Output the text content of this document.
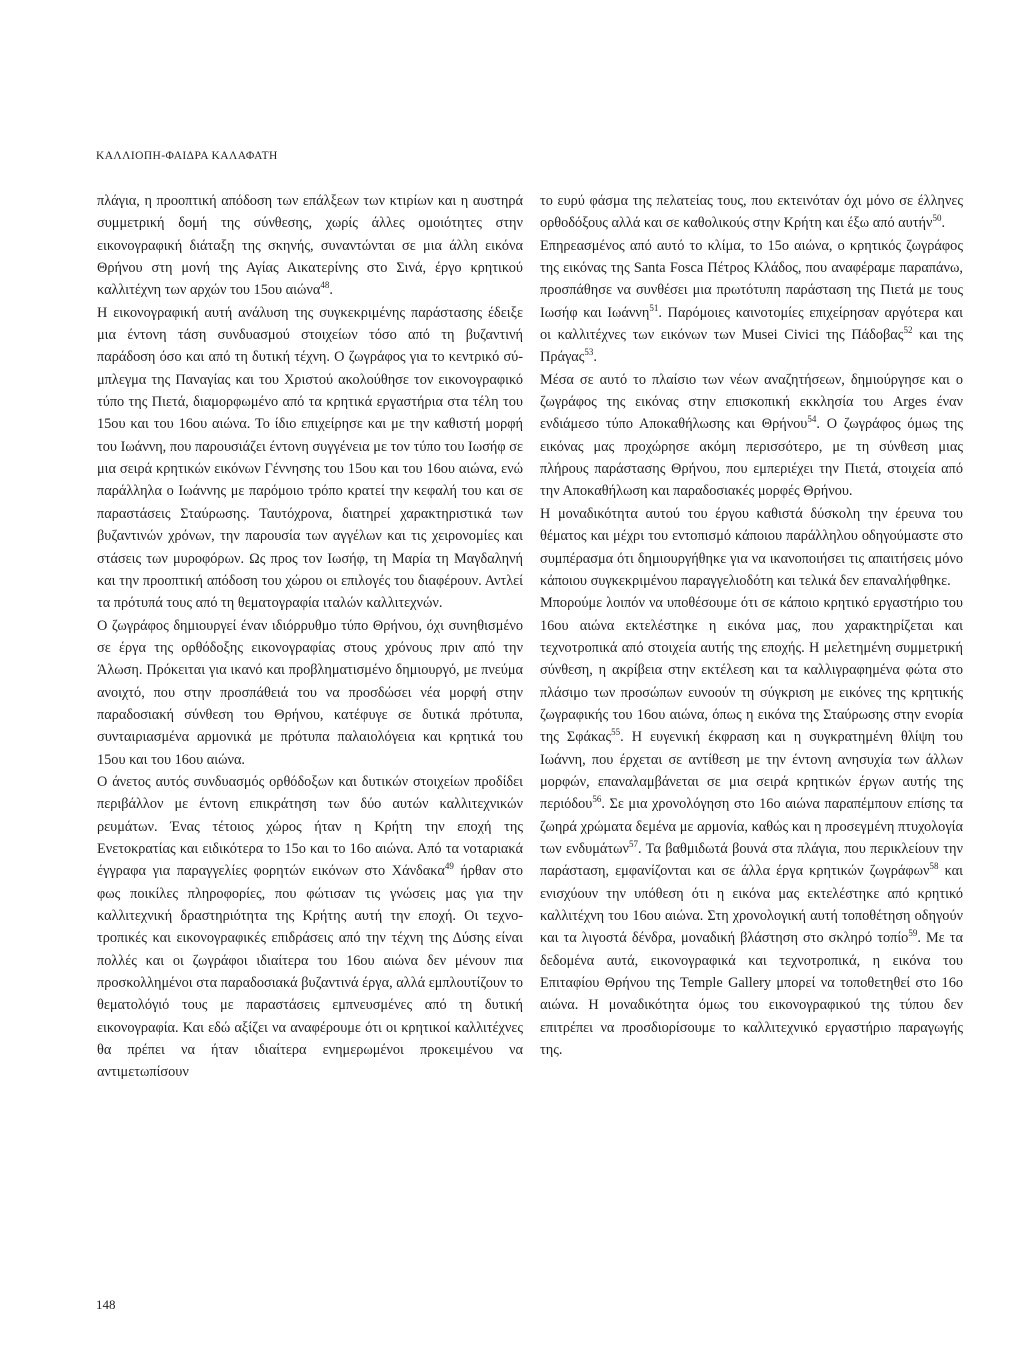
ΚΑΛΛΙΟΠΗ-ΦΑΙΔΡΑ ΚΑΛΑΦΑΤΗ

πλάγια, η προοπτική απόδοση των επάλξεων των κτιρίων και η αυστηρά συμμετρική δομή της σύνθεσης, χωρίς άλλες ομοιότητες στην εικονογραφική διάταξη της σκηνής, συναντώνται σε μια άλλη εικόνα Θρήνου στη μονή της Αγίας Αικατερίνης στο Σινά, έργο κρητικού καλλιτέχνη των αρχών του 15ου αιώνα$^{48}$.

Η εικονογραφική αυτή ανάλυση της συγκεκριμένης παράστασης έδειξε μια έντονη τάση συνδυασμού στοιχείων τόσο από τη βυζαντινή παράδοση όσο και από τη δυτική τέχνη. Ο ζωγράφος για το κεντρικό σύμπλεγμα της Παναγίας και του Χριστού ακολούθησε τον εικονογραφικό τύπο της Πιετά, διαμορφωμένο από τα κρητικά εργαστήρια στα τέλη του 15ου και του 16ου αιώνα. Το ίδιο επιχείρησε και με την καθιστή μορφή του Ιωάννη, που παρουσιάζει έντονη συγγένεια με τον τύπο του Ιωσήφ σε μια σειρά κρητικών εικόνων Γέννησης του 15ου και του 16ου αιώνα, ενώ παράλληλα ο Ιωάννης με παρόμοιο τρόπο κρατεί την κεφαλή του και σε παραστάσεις Σταύρωσης. Ταυτόχρονα, διατηρεί χαρακτηριστικά των βυζαντινών χρόνων, την παρουσία των αγγέλων και τις χειρονομίες και στάσεις των μυροφόρων. Ως προς τον Ιωσήφ, τη Μαρία τη Μαγδαληνή και την προοπτική απόδοση του χώρου οι επιλογές του διαφέρουν. Αντλεί τα πρότυπά τους από τη θεματογραφία ιταλών καλλιτεχνών.

Ο ζωγράφος δημιουργεί έναν ιδιόρρυθμο τύπο Θρήνου, όχι συνηθισμένο σε έργα της ορθόδοξης εικονογραφίας στους χρόνους πριν από την Άλωση. Πρόκειται για ικανό και προβληματισμένο δημιουργό, με πνεύμα ανοιχτό, που στην προσπάθειά του να προσδώσει νέα μορφή στην παραδοσιακή σύνθεση του Θρήνου, κατέφυγε σε δυτικά πρότυπα, συνταιριασμένα αρμονικά με πρότυπα παλαιολόγεια και κρητικά του 15ου και του 16ου αιώνα.

Ο άνετος αυτός συνδυασμός ορθόδοξων και δυτικών στοιχείων προδίδει περιβάλλον με έντονη επικράτηση των δύο αυτών καλλιτεχνικών ρευμάτων. Ένας τέτοιος χώρος ήταν η Κρήτη την εποχή της Ενετοκρατίας και ειδικότερα το 15ο και το 16ο αιώνα. Από τα νοταριακά έγγραφα για παραγγελίες φορητών εικόνων στο Χάνδακα$^{49}$ ήρθαν στο φως ποικίλες πληροφορίες, που φώτισαν τις γνώσεις μας για την καλλιτεχνική δραστηριότητα της Κρήτης αυτή την εποχή. Οι τεχνοτροπικές και εικονογραφικές επιδράσεις από την τέχνη της Δύσης είναι πολλές και οι ζωγράφοι ιδιαίτερα του 16ου αιώνα δεν μένουν πια προσκολλημένοι στα παραδοσιακά βυζαντινά έργα, αλλά εμπλουτίζουν το θεματολόγιό τους με παραστάσεις εμπνευσμένες από τη δυτική εικονογραφία. Και εδώ αξίζει να αναφέρουμε ότι οι κρητικοί καλλιτέχνες θα πρέπει να ήταν ιδιαίτερα ενημερωμένοι προκειμένου να αντιμετωπίσουν

το ευρύ φάσμα της πελατείας τους, που εκτεινόταν όχι μόνο σε έλληνες ορθοδόξους αλλά και σε καθολικούς στην Κρήτη και έξω από αυτήν$^{50}$.

Επηρεασμένος από αυτό το κλίμα, το 15ο αιώνα, ο κρητικός ζωγράφος της εικόνας της Santa Fosca Πέτρος Κλάδος, που αναφέραμε παραπάνω, προσπάθησε να συνθέσει μια πρωτότυπη παράσταση της Πιετά με τους Ιωσήφ και Ιωάννη$^{51}$. Παρόμοιες καινοτομίες επιχείρησαν αργότερα και οι καλλιτέχνες των εικόνων των Musei Civici της Πάδοβας$^{52}$ και της Πράγας$^{53}$.

Μέσα σε αυτό το πλαίσιο των νέων αναζητήσεων, δημιούργησε και ο ζωγράφος της εικόνας στην επισκοπική εκκλησία του Arges έναν ενδιάμεσο τύπο Αποκαθήλωσης και Θρήνου$^{54}$. Ο ζωγράφος όμως της εικόνας μας προχώρησε ακόμη περισσότερο, με τη σύνθεση μιας πλήρους παράστασης Θρήνου, που εμπεριέχει την Πιετά, στοιχεία από την Αποκαθήλωση και παραδοσιακές μορφές Θρήνου.

Η μοναδικότητα αυτού του έργου καθιστά δύσκολη την έρευνα του θέματος και μέχρι του εντοπισμό κάποιου παράλληλου οδηγούμαστε στο συμπέρασμα ότι δημιουργήθηκε για να ικανοποιήσει τις απαιτήσεις μόνο κάποιου συγκεκριμένου παραγγελιοδότη και τελικά δεν επαναλήφθηκε.

Μπορούμε λοιπόν να υποθέσουμε ότι σε κάποιο κρητικό εργαστήριο του 16ου αιώνα εκτελέστηκε η εικόνα μας, που χαρακτηρίζεται και τεχνοτροπικά από στοιχεία αυτής της εποχής. Η μελετημένη συμμετρική σύνθεση, η ακρίβεια στην εκτέλεση και τα καλλιγραφημένα φώτα στο πλάσιμο των προσώπων ευνοούν τη σύγκριση με εικόνες της κρητικής ζωγραφικής του 16ου αιώνα, όπως η εικόνα της Σταύρωσης στην ενορία της Σφάκας$^{55}$. Η ευγενική έκφραση και η συγκρατημένη θλίψη του Ιωάννη, που έρχεται σε αντίθεση με την έντονη ανησυχία των άλλων μορφών, επαναλαμβάνεται σε μια σειρά κρητικών έργων αυτής της περιόδου$^{56}$. Σε μια χρονολόγηση στο 16ο αιώνα παραπέμπουν επίσης τα ζωηρά χρώματα δεμένα με αρμονία, καθώς και η προσεγμένη πτυχολογία των ενδυμάτων$^{57}$. Τα βαθμιδωτά βουνά στα πλάγια, που περικλείουν την παράσταση, εμφανίζονται και σε άλλα έργα κρητικών ζωγράφων$^{58}$ και ενισχύουν την υπόθεση ότι η εικόνα μας εκτελέστηκε από κρητικό καλλιτέχνη του 16ου αιώνα. Στη χρονολογική αυτή τοποθέτηση οδηγούν και τα λιγοστά δένδρα, μοναδική βλάστηση στο σκληρό τοπίο$^{59}$. Με τα δεδομένα αυτά, εικονογραφικά και τεχνοτροπικά, η εικόνα του Επιταφίου Θρήνου της Temple Gallery μπορεί να τοποθετηθεί στο 16ο αιώνα. Η μοναδικότητα όμως του εικονογραφικού της τύπου δεν επιτρέπει να προσδιορίσουμε το καλλιτεχνικό εργαστήριο παραγωγής της.

148
